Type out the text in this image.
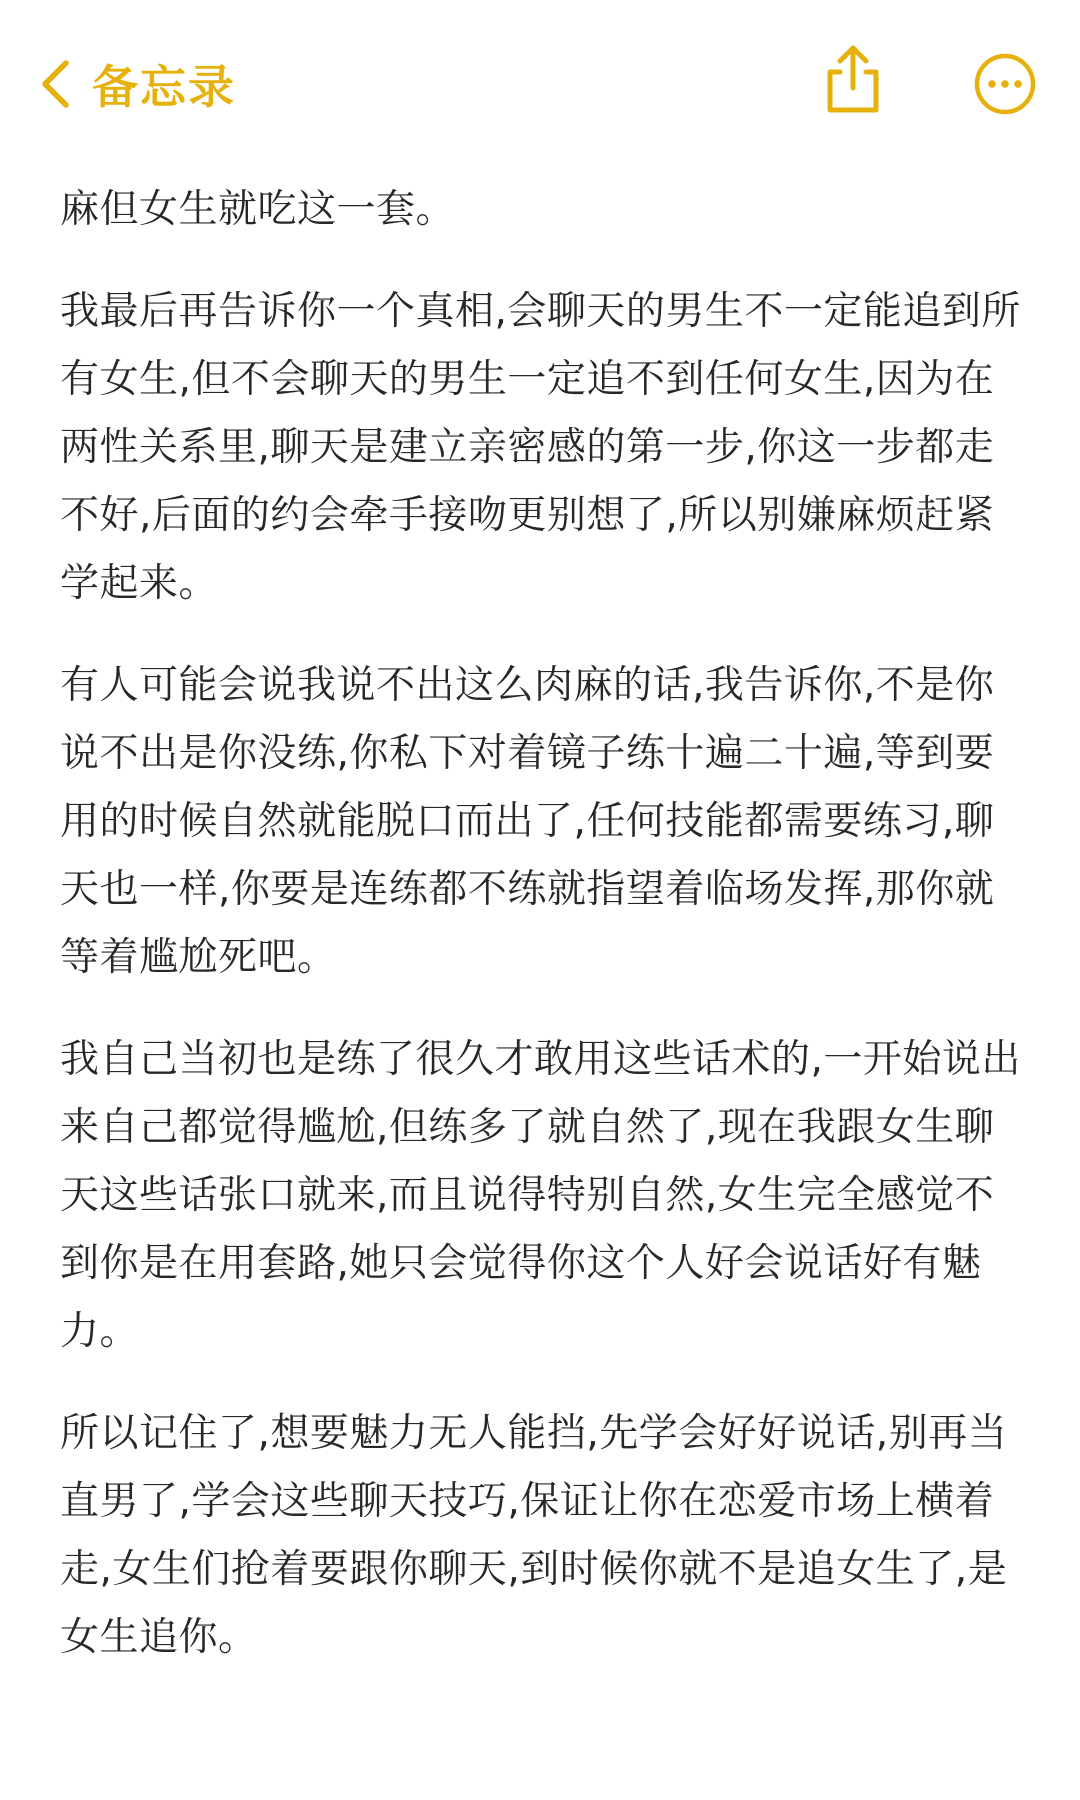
备忘录

麻但女生就吃这一套。

我最后再告诉你一个真相,会聊天的男生不一定能追到所有女生,但不会聊天的男生一定追不到任何女生,因为在两性关系里,聊天是建立亲密感的第一步,你这一步都走不好,后面的约会牵手接吻更别想了,所以别嫌麻烦赶紧学起来。

有人可能会说我说不出这么肉麻的话,我告诉你,不是你说不出是你没练,你私下对着镜子练十遍二十遍,等到要用的时候自然就能脱口而出了,任何技能都需要练习,聊天也一样,你要是连练都不练就指望着临场发挥,那你就等着尴尬死吧。

我自己当初也是练了很久才敢用这些话术的,一开始说出来自己都觉得尴尬,但练多了就自然了,现在我跟女生聊天这些话张口就来,而且说得特别自然,女生完全感觉不到你是在用套路,她只会觉得你这个人好会说话好有魅力。

所以记住了,想要魅力无人能挡,先学会好好说话,别再当直男了,学会这些聊天技巧,保证让你在恋爱市场上横着走,女生们抢着要跟你聊天,到时候你就不是追女生了,是女生追你。
